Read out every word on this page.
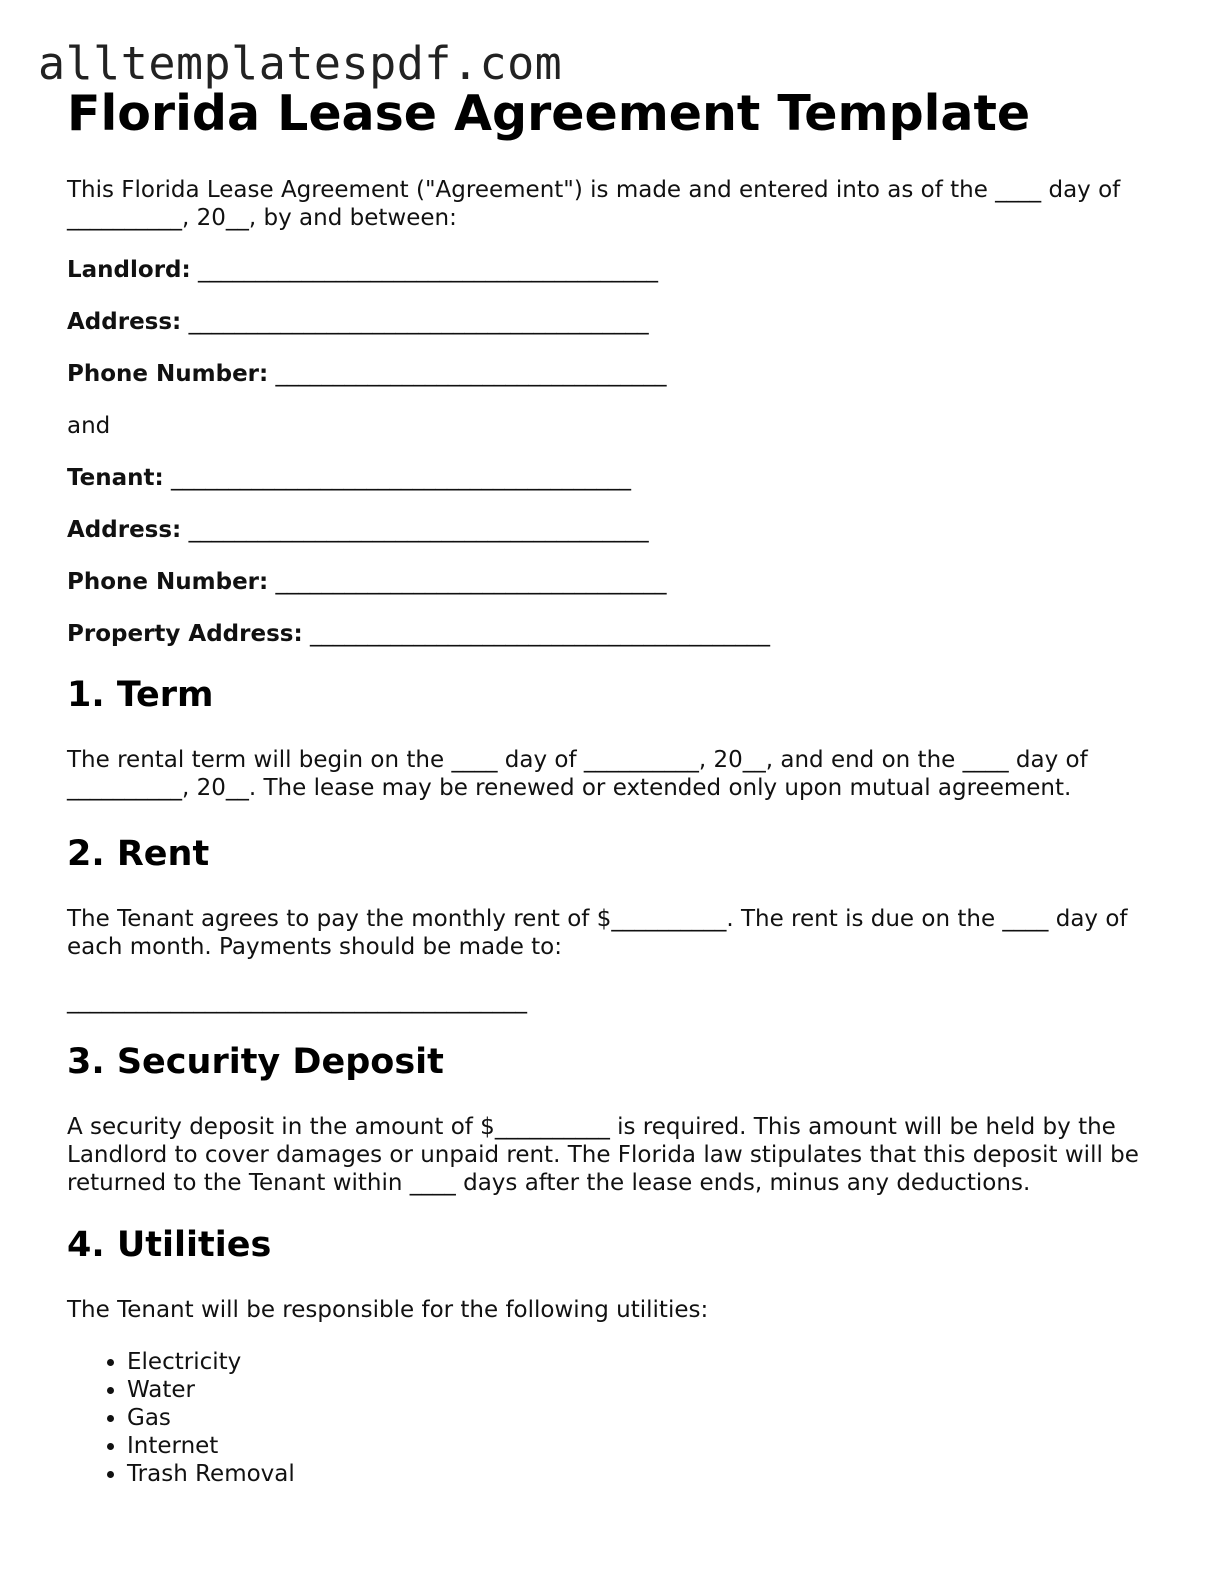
alltemplatespdf.com
Florida Lease Agreement Template

This Florida Lease Agreement ("Agreement") is made and entered into as of the ____ day of __________, 20__, by and between:

Landlord: ________________________________________
Address: ________________________________________
Phone Number: __________________________________

and

Tenant: ________________________________________
Address: ________________________________________
Phone Number: __________________________________
Property Address: ________________________________________
1. Term

The rental term will begin on the ____ day of __________, 20__, and end on the ____ day of __________, 20__. The lease may be renewed or extended only upon mutual agreement.

2. Rent

The Tenant agrees to pay the monthly rent of $__________. The rent is due on the ____ day of each month. Payments should be made to:

________________________________________

3. Security Deposit

A security deposit in the amount of $__________ is required. This amount will be held by the Landlord to cover damages or unpaid rent. The Florida law stipulates that this deposit will be returned to the Tenant within ____ days after the lease ends, minus any deductions.

4. Utilities

The Tenant will be responsible for the following utilities:

• Electricity
• Water
• Gas
• Internet
• Trash Removal
